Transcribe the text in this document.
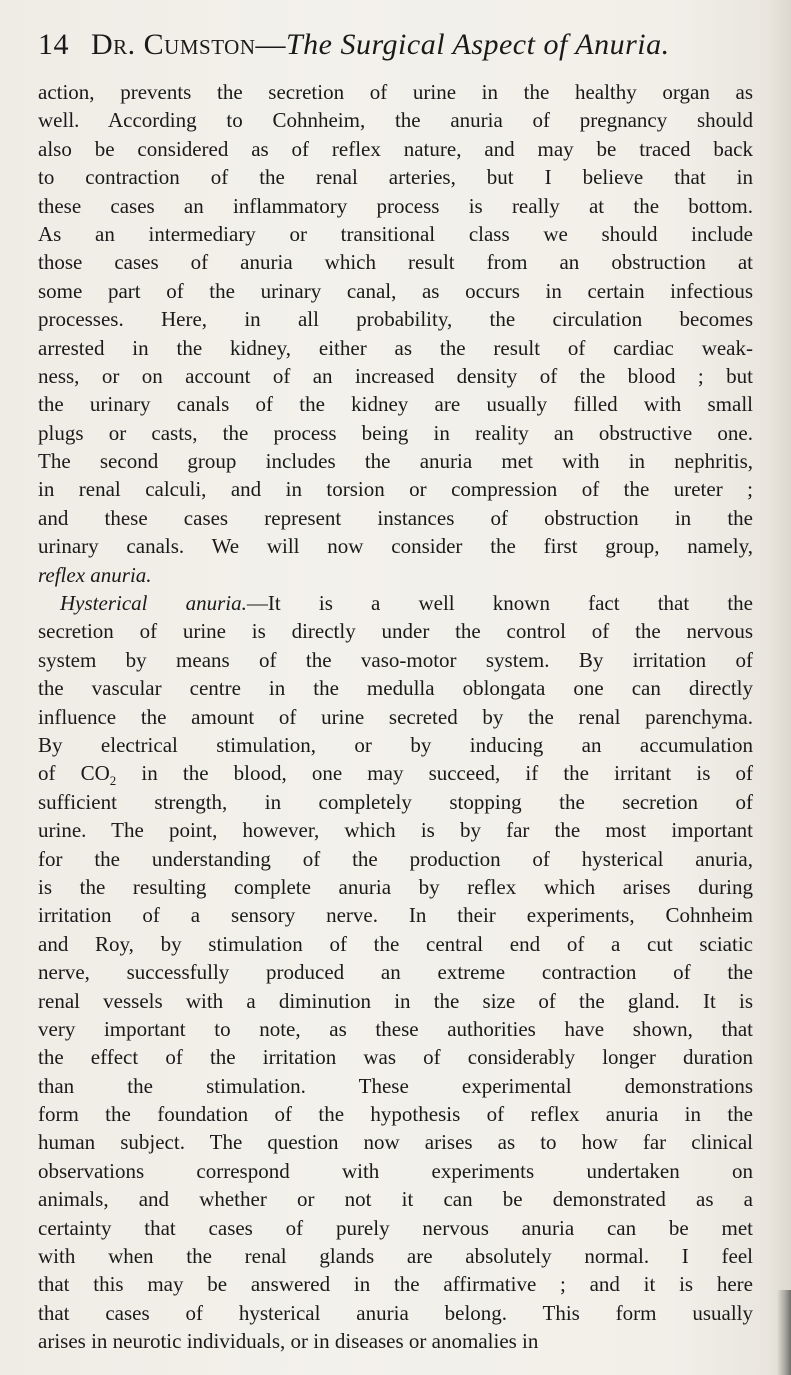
14 Dr. Cumston—The Surgical Aspect of Anuria.
action, prevents the secretion of urine in the healthy organ as
well. According to Cohnheim, the anuria of pregnancy should
also be considered as of reflex nature, and may be traced back
to contraction of the renal arteries, but I believe that in
these cases an inflammatory process is really at the bottom.
As an intermediary or transitional class we should include
those cases of anuria which result from an obstruction at
some part of the urinary canal, as occurs in certain infectious
processes. Here, in all probability, the circulation becomes
arrested in the kidney, either as the result of cardiac weak-
ness, or on account of an increased density of the blood ; but
the urinary canals of the kidney are usually filled with small
plugs or casts, the process being in reality an obstructive one.
The second group includes the anuria met with in nephritis,
in renal calculi, and in torsion or compression of the ureter ;
and these cases represent instances of obstruction in the
urinary canals. We will now consider the first group, namely,
reflex anuria.
Hysterical anuria.—It is a well known fact that the
secretion of urine is directly under the control of the nervous
system by means of the vaso-motor system. By irritation of
the vascular centre in the medulla oblongata one can directly
influence the amount of urine secreted by the renal parenchyma.
By electrical stimulation, or by inducing an accumulation
of $CO_2$ in the blood, one may succeed, if the irritant is of
sufficient strength, in completely stopping the secretion of
urine. The point, however, which is by far the most important
for the understanding of the production of hysterical anuria,
is the resulting complete anuria by reflex which arises during
irritation of a sensory nerve. In their experiments, Cohnheim
and Roy, by stimulation of the central end of a cut sciatic
nerve, successfully produced an extreme contraction of the
renal vessels with a diminution in the size of the gland. It is
very important to note, as these authorities have shown, that
the effect of the irritation was of considerably longer duration
than the stimulation. These experimental demonstrations
form the foundation of the hypothesis of reflex anuria in the
human subject. The question now arises as to how far clinical
observations correspond with experiments undertaken on
animals, and whether or not it can be demonstrated as a
certainty that cases of purely nervous anuria can be met
with when the renal glands are absolutely normal. I feel
that this may be answered in the affirmative ; and it is here
that cases of hysterical anuria belong. This form usually
arises in neurotic individuals, or in diseases or anomalies in
